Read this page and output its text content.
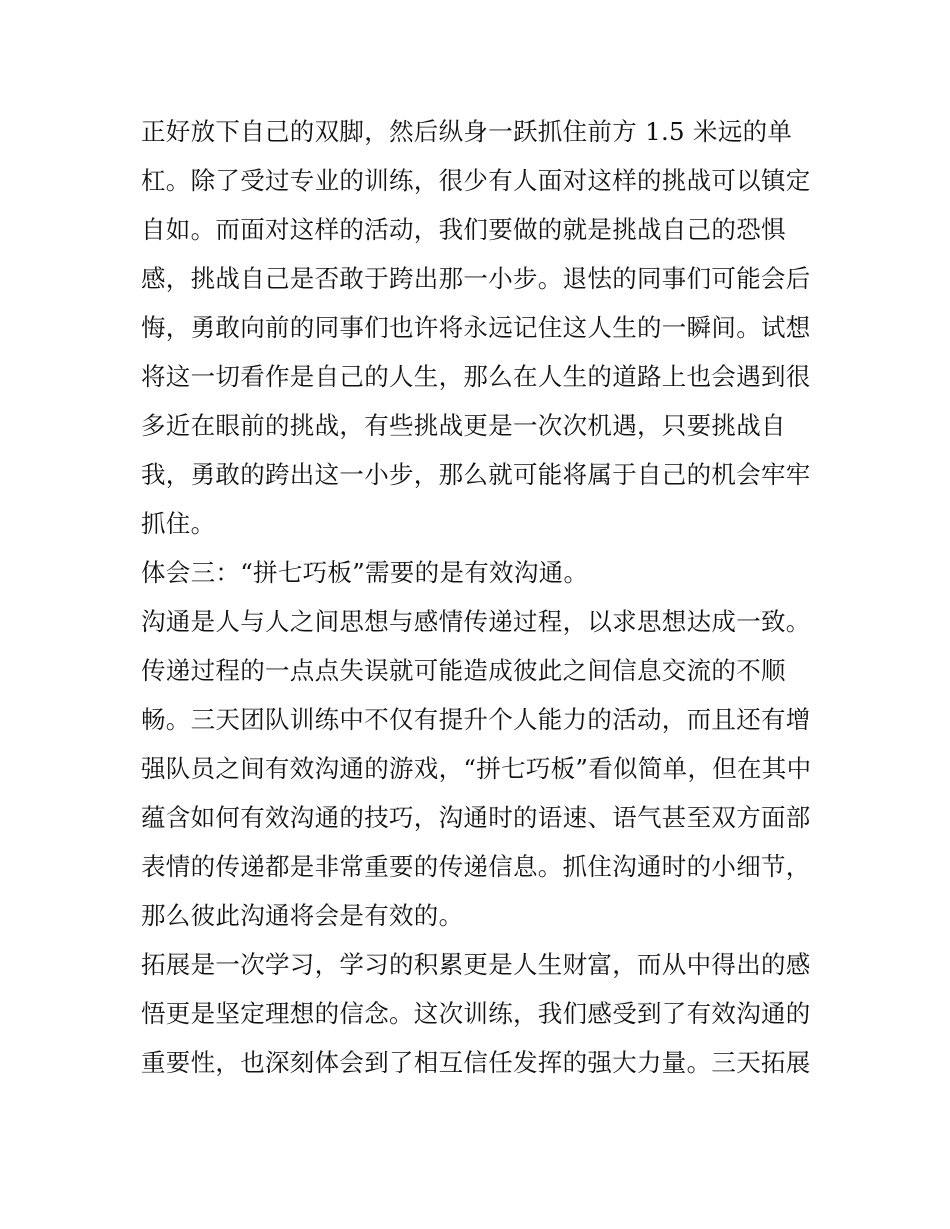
正好放下自己的双脚，然后纵身一跃抓住前方 1.5 米远的单
杠。除了受过专业的训练，很少有人面对这样的挑战可以镇定
自如。而面对这样的活动，我们要做的就是挑战自己的恐惧
感，挑战自己是否敢于跨出那一小步。退怯的同事们可能会后
悔，勇敢向前的同事们也许将永远记住这人生的一瞬间。试想
将这一切看作是自己的人生，那么在人生的道路上也会遇到很
多近在眼前的挑战，有些挑战更是一次次机遇，只要挑战自
我，勇敢的跨出这一小步，那么就可能将属于自己的机会牢牢
抓住。
体会三：“拼七巧板”需要的是有效沟通。
沟通是人与人之间思想与感情传递过程，以求思想达成一致。
传递过程的一点点失误就可能造成彼此之间信息交流的不顺
畅。三天团队训练中不仅有提升个人能力的活动，而且还有增
强队员之间有效沟通的游戏，“拼七巧板”看似简单，但在其中
蕴含如何有效沟通的技巧，沟通时的语速、语气甚至双方面部
表情的传递都是非常重要的传递信息。抓住沟通时的小细节，
那么彼此沟通将会是有效的。
拓展是一次学习，学习的积累更是人生财富，而从中得出的感
悟更是坚定理想的信念。这次训练，我们感受到了有效沟通的
重要性，也深刻体会到了相互信任发挥的强大力量。三天拓展
